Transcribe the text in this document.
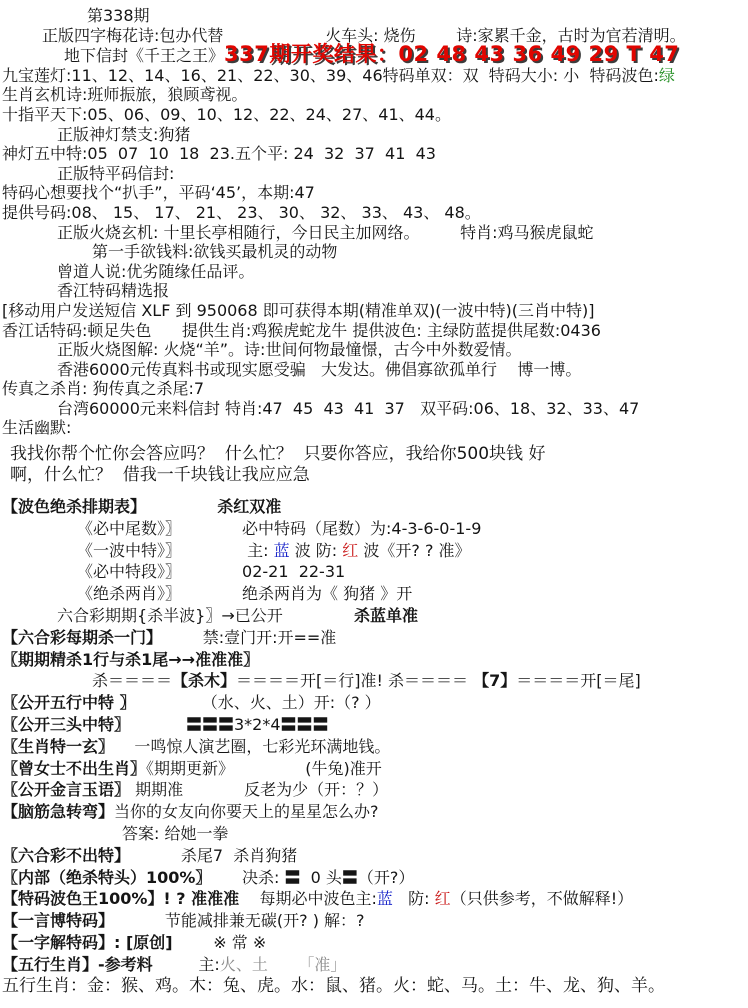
第338期
正版四字梅花诗:包办代替                    火车头: 烧伤        诗:家累千金，古时为官若清明。
地下信封《千王之王》337期开奖结果：02 48 43 36 49 29 T 47
九宝莲灯:11、12、14、16、21、22、30、39、46特码单双：双  特码大小: 小  特码波色:绿
生肖玄机诗:班师振旅，狼顾鸢视。
十指平天下:05、06、09、10、12、22、24、27、41、44。
正版神灯禁支:狗猪
神灯五中特:05  07  10  18  23.五个平: 24  32  37  41  43
正版特平码信封:
特码心想要找个“扒手”，平码‘45’，本期:47
提供号码:08、 15、 17、 21、 23、 30、 32、 33、 43、 48。
正版火烧玄机: 十里长亭相随行，今日民主加网络。        特肖:鸡马猴虎鼠蛇
第一手欲钱料:欲钱买最机灵的动物
曾道人说:优劣随缘任品评。
香江特码精选报
[移动用户发送短信 XLF 到 950068 即可获得本期(精准单双)(一波中特)(三肖中特)]
香江话特码:顿足失色      提供生肖:鸡猴虎蛇龙牛 提供波色: 主绿防蓝提供尾数:0436
正版火烧图解: 火烧“羊”。诗:世间何物最憧憬，古今中外数爱情。
香港6000元传真料书或现实愿受骗   大发达。佛倡寡欲孤单行    博一博。
传真之杀肖: 狗传真之杀尾:7
台湾60000元来料信封 特肖:47  45  43  41  37   双平码:06、18、32、33、47
生活幽默:
我找你帮个忙你会答应吗？  什么忙？  只要你答应，我给你500块钱 好
啊，什么忙？  借我一千块钱让我应应急
【波色绝杀排期表】	杀红双准
《必中尾数》〗            必中特码（尾数）为:4-3-6-0-1-9
《一波中特》〗             主: 蓝 波 防: 红 波《开? ? 准》
《必中特段》〗            02-21  22-31
《绝杀两肖》〗            绝杀两肖为《 狗猪 》开
六合彩期期{杀半波}〗→已公开              杀蓝单准
【六合彩每期杀一门】        禁:壹门开:开==准
〖期期精杀1行与杀1尾→→准准准〗
杀＝＝＝＝【杀木】＝＝＝＝开[＝行]准! 杀＝＝＝＝ 【7】＝＝＝＝开[＝尾]
〖公开五行中特 〗             （水、火、土）开:（? ）
〖公开三头中特〗	〓〓〓3*2*4〓〓〓
〖生肖特一玄〗    一鸣惊人演艺圈，七彩光环满地钱。
〖曾女士不出生肖〗《期期更新》              (牛兔)准开
〖公开金言玉语〗 期期准            反老为少（开：？）
【脑筋急转弯】当你的女友向你要天上的星星怎么办?
答案: 给她一拳
〖六合彩不出特】          杀尾7  杀肖狗猪
〖内部（绝杀特头）100%〗      决杀: 〓  0 头〓（开?）
【特码波色王100%】! ? 准准准    每期必中波色主:蓝   防: 红（只供参考，不做解释!）
【一言博特码】          节能减排兼无碳(开? ) 解：?
【一字解特码】: [原创]        ※ 常 ※
【五行生肖】-参考料         主:火、土 「准」
五行生肖：金：猴、鸡。木：兔、虎。水：鼠、猪。火：蛇、马。土：牛、龙、狗、羊。
